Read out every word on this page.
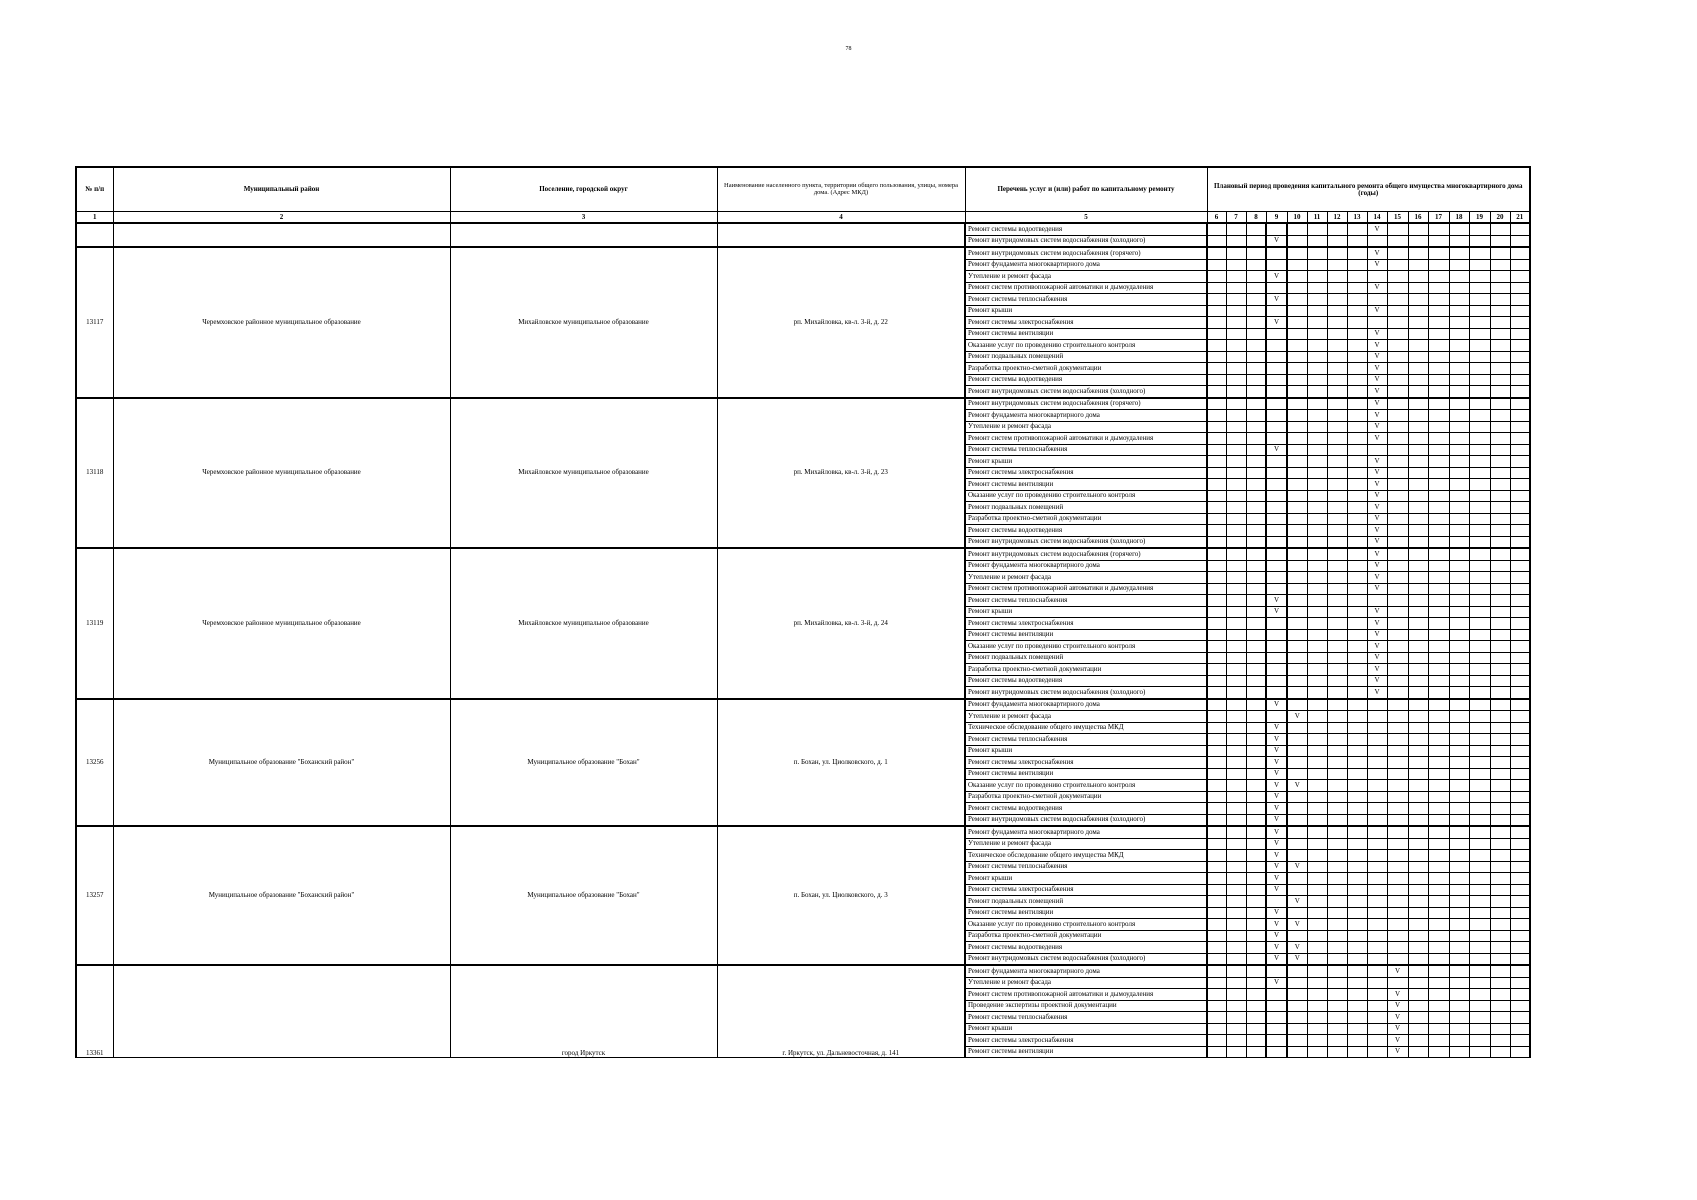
78
№ п/п	Муниципальный район	Поселение, городской округ	Наименование населенного пункта, территории общего пользования, улицы, номера дома. (Адрес МКД)	Перечень услуг и (или) работ по капитальному ремонту	Плановый период проведения капитального ремонта общего имущества многоквартирного дома (годы)															
1	2	3	4	5	6	7	8	9	10	11	12	13	14	15	16	17	18	19	20	21
				Ремонт системы водоотведения									V							
				Ремонт внутридомовых систем водоснабжения (холодного)				V												
13117	Черемховское районное муниципальное образование	Михайловское муниципальное образование	рп. Михайловка, кв-л. 3-й, д. 22	Ремонт внутридомовых систем водоснабжения (горячего)									V							
				Ремонт фундамента многоквартирного дома									V							
				Утепление и ремонт фасада				V												
				Ремонт систем противопожарной автоматики и дымоудаления									V							
				Ремонт системы теплоснабжения				V												
				Ремонт крыши									V							
				Ремонт системы электроснабжения				V												
				Ремонт системы вентиляции									V							
				Оказание услуг по проведению строительного контроля									V							
				Ремонт подвальных помещений									V							
				Разработка проектно-сметной документации									V							
				Ремонт системы водоотведения									V							
				Ремонт внутридомовых систем водоснабжения (холодного)									V							
13118	Черемховское районное муниципальное образование	Михайловское муниципальное образование	рп. Михайловка, кв-л. 3-й, д. 23	Ремонт внутридомовых систем водоснабжения (горячего)									V							
				Ремонт фундамента многоквартирного дома									V							
				Утепление и ремонт фасада									V							
				Ремонт систем противопожарной автоматики и дымоудаления									V							
				Ремонт системы теплоснабжения				V												
				Ремонт крыши									V							
				Ремонт системы электроснабжения									V							
				Ремонт системы вентиляции									V							
				Оказание услуг по проведению строительного контроля									V							
				Ремонт подвальных помещений									V							
				Разработка проектно-сметной документации									V							
				Ремонт системы водоотведения									V							
				Ремонт внутридомовых систем водоснабжения (холодного)									V							
13119	Черемховское районное муниципальное образование	Михайловское муниципальное образование	рп. Михайловка, кв-л. 3-й, д. 24	Ремонт внутридомовых систем водоснабжения (горячего)									V							
				Ремонт фундамента многоквартирного дома									V							
				Утепление и ремонт фасада									V							
				Ремонт систем противопожарной автоматики и дымоудаления									V							
				Ремонт системы теплоснабжения				V												
				Ремонт крыши				V					V							
				Ремонт системы электроснабжения									V							
				Ремонт системы вентиляции									V							
				Оказание услуг по проведению строительного контроля									V							
				Ремонт подвальных помещений									V							
				Разработка проектно-сметной документации									V							
				Ремонт системы водоотведения									V							
				Ремонт внутридомовых систем водоснабжения (холодного)									V							
13256	Муниципальное образование "Боханский район"	Муниципальное образование "Бохан"	п. Бохан, ул. Циолковского, д. 1	Ремонт фундамента многоквартирного дома				V												
				Утепление и ремонт фасада					V											
				Техническое обследование общего имущества МКД				V												
				Ремонт системы теплоснабжения				V												
				Ремонт крыши				V												
				Ремонт системы электроснабжения				V												
				Ремонт системы вентиляции				V												
				Оказание услуг по проведению строительного контроля				V	V											
				Разработка проектно-сметной документации				V												
				Ремонт системы водоотведения				V												
				Ремонт внутридомовых систем водоснабжения (холодного)				V												
13257	Муниципальное образование "Боханский район"	Муниципальное образование "Бохан"	п. Бохан, ул. Циолковского, д. 3	Ремонт фундамента многоквартирного дома				V												
				Утепление и ремонт фасада				V												
				Техническое обследование общего имущества МКД				V												
				Ремонт системы теплоснабжения				V	V											
				Ремонт крыши				V												
				Ремонт системы электроснабжения				V												
				Ремонт подвальных помещений					V											
				Ремонт системы вентиляции				V												
				Оказание услуг по проведению строительного контроля				V	V											
				Разработка проектно-сметной документации				V												
				Ремонт системы водоотведения				V	V											
				Ремонт внутридомовых систем водоснабжения (холодного)				V	V											
13361		город Иркутск	г. Иркутск, ул. Дальневосточная, д. 141	Ремонт фундамента многоквартирного дома										V						
				Утепление и ремонт фасада				V												
				Ремонт систем противопожарной автоматики и дымоудаления										V						
				Проведение экспертизы проектной документации										V						
				Ремонт системы теплоснабжения										V						
				Ремонт крыши										V						
				Ремонт системы электроснабжения										V						
				Ремонт системы вентиляции										V						
